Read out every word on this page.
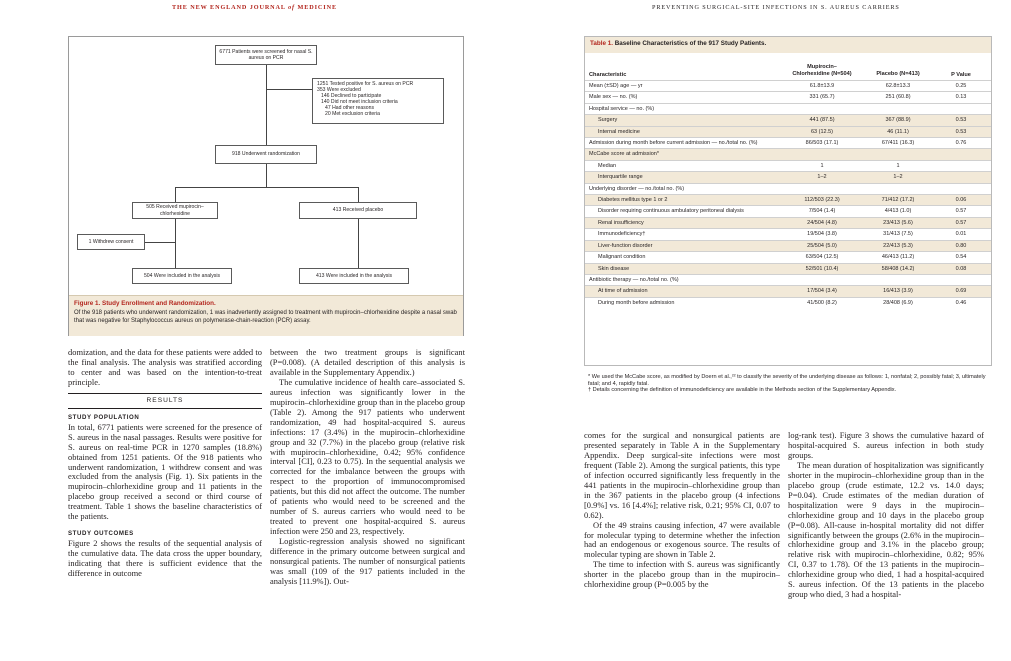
THE NEW ENGLAND JOURNAL of MEDICINE
6771 Patients were screened for nasal S. aureus on PCR
1251 Tested positive for S. aureus on PCR
353 Were excluded
146 Declined to participate
140 Did not meet inclusion criteria
47 Had other reasons
20 Met exclusion criteria
918 Underwent randomization
505 Received mupirocin–chlorhexidine
413 Received placebo
1 Withdrew consent
504 Were included in the analysis	413 Were included in the analysis
Figure 1. Study Enrollment and Randomization.
Of the 918 patients who underwent randomization, 1 was inadvertently assigned to treatment with mupirocin–chlorhexidine despite a nasal swab that was negative for Staphylococcus aureus on polymerase-chain-reaction (PCR) assay.

domization, and the data for these patients were added to the final analysis. The analysis was stratified according to center and was based on the intention-to-treat principle.

RESULTS
STUDY POPULATION

In total, 6771 patients were screened for the presence of S. aureus in the nasal passages. Results were positive for S. aureus on real-time PCR in 1270 samples (18.8%) obtained from 1251 patients. Of the 918 patients who underwent randomization, 1 withdrew consent and was excluded from the analysis (Fig. 1). Six patients in the mupirocin–chlorhexidine group and 11 patients in the placebo group received a second or third course of treatment. Table 1 shows the baseline characteristics of the patients.

STUDY OUTCOMES

Figure 2 shows the results of the sequential analysis of the cumulative data. The data cross the upper boundary, indicating that there is sufficient evidence that the difference in outcome

between the two treatment groups is significant (P=0.008). (A detailed description of this analysis is available in the Supplementary Appendix.)

The cumulative incidence of health care–associated S. aureus infection was significantly lower in the mupirocin–chlorhexidine group than in the placebo group (Table 2). Among the 917 patients who underwent randomization, 49 had hospital-acquired S. aureus infections: 17 (3.4%) in the mupirocin–chlorhexidine group and 32 (7.7%) in the placebo group (relative risk with mupirocin–chlorhexidine, 0.42; 95% confidence interval [CI], 0.23 to 0.75). In the sequential analysis we corrected for the imbalance between the groups with respect to the proportion of immunocompromised patients, but this did not affect the outcome. The number of patients who would need to be screened and the number of S. aureus carriers who would need to be treated to prevent one hospital-acquired S. aureus infection were 250 and 23, respectively.

Logistic-regression analysis showed no significant difference in the primary outcome between surgical and nonsurgical patients. The number of nonsurgical patients was small (109 of the 917 patients included in the analysis [11.9%]). Out-

PREVENTING SURGICAL-SITE INFECTIONS IN S. AUREUS CARRIERS
Table 1. Baseline Characteristics of the 917 Study Patients.
Characteristic
Mupirocin–Chlorhexidine (N=504)	Placebo (N=413)	P Value
Mean (±SD) age — yr	61.8±13.9	62.8±13.3	0.25
Male sex — no. (%)	331 (65.7)	251 (60.8)	0.13
Hospital service — no. (%)
Surgery	441 (87.5)	367 (88.9)	0.53
Internal medicine	63 (12.5)	46 (11.1)	0.53
Admission during month before current admission — no./total no. (%)	86/503 (17.1)	67/411 (16.3)	0.76
McCabe score at admission*
Median	1	1
Interquartile range	1–2	1–2
Underlying disorder — no./total no. (%)
Diabetes mellitus type 1 or 2	112/503 (22.3)	71/412 (17.2)	0.06
Disorder requiring continuous ambulatory peritoneal dialysis	7/504 (1.4)	4/413 (1.0)	0.57
Renal insufficiency	24/504 (4.8)	23/413 (5.6)	0.57
Immunodeficiency†	19/504 (3.8)	31/413 (7.5)	0.01
Liver-function disorder	25/504 (5.0)	22/413 (5.3)	0.80
Malignant condition	63/504 (12.5)	46/413 (11.2)	0.54
Skin disease	52/501 (10.4)	58/408 (14.2)	0.08
Antibiotic therapy — no./total no. (%)
At time of admission	17/504 (3.4)	16/413 (3.9)	0.69
During month before admission	41/500 (8.2)	28/408 (6.9)	0.46
* We used the McCabe score, as modified by Doern et al.,²² to classify the severity of the underlying disease as follows: 1, nonfatal; 2, possibly fatal; 3, ultimately fatal; and 4, rapidly fatal.
† Details concerning the definition of immunodeficiency are available in the Methods section of the Supplementary Appendix.

comes for the surgical and nonsurgical patients are presented separately in Table A in the Supplementary Appendix. Deep surgical-site infections were most frequent (Table 2). Among the surgical patients, this type of infection occurred significantly less frequently in the 441 patients in the mupirocin–chlorhexidine group than in the 367 patients in the placebo group (4 infections [0.9%] vs. 16 [4.4%]; relative risk, 0.21; 95% CI, 0.07 to 0.62).

Of the 49 strains causing infection, 47 were available for molecular typing to determine whether the infection had an endogenous or exogenous source. The results of molecular typing are shown in Table 2.

The time to infection with S. aureus was significantly shorter in the placebo group than in the mupirocin–chlorhexidine group (P=0.005 by the

log-rank test). Figure 3 shows the cumulative hazard of hospital-acquired S. aureus infection in both study groups.

The mean duration of hospitalization was significantly shorter in the mupirocin–chlorhexidine group than in the placebo group (crude estimate, 12.2 vs. 14.0 days; P=0.04). Crude estimates of the median duration of hospitalization were 9 days in the mupirocin–chlorhexidine group and 10 days in the placebo group (P=0.08). All-cause in-hospital mortality did not differ significantly between the groups (2.6% in the mupirocin–chlorhexidine group and 3.1% in the placebo group; relative risk with mupirocin–chlorhexidine, 0.82; 95% CI, 0.37 to 1.78). Of the 13 patients in the mupirocin–chlorhexidine group who died, 1 had a hospital-acquired S. aureus infection. Of the 13 patients in the placebo group who died, 3 had a hospital-
